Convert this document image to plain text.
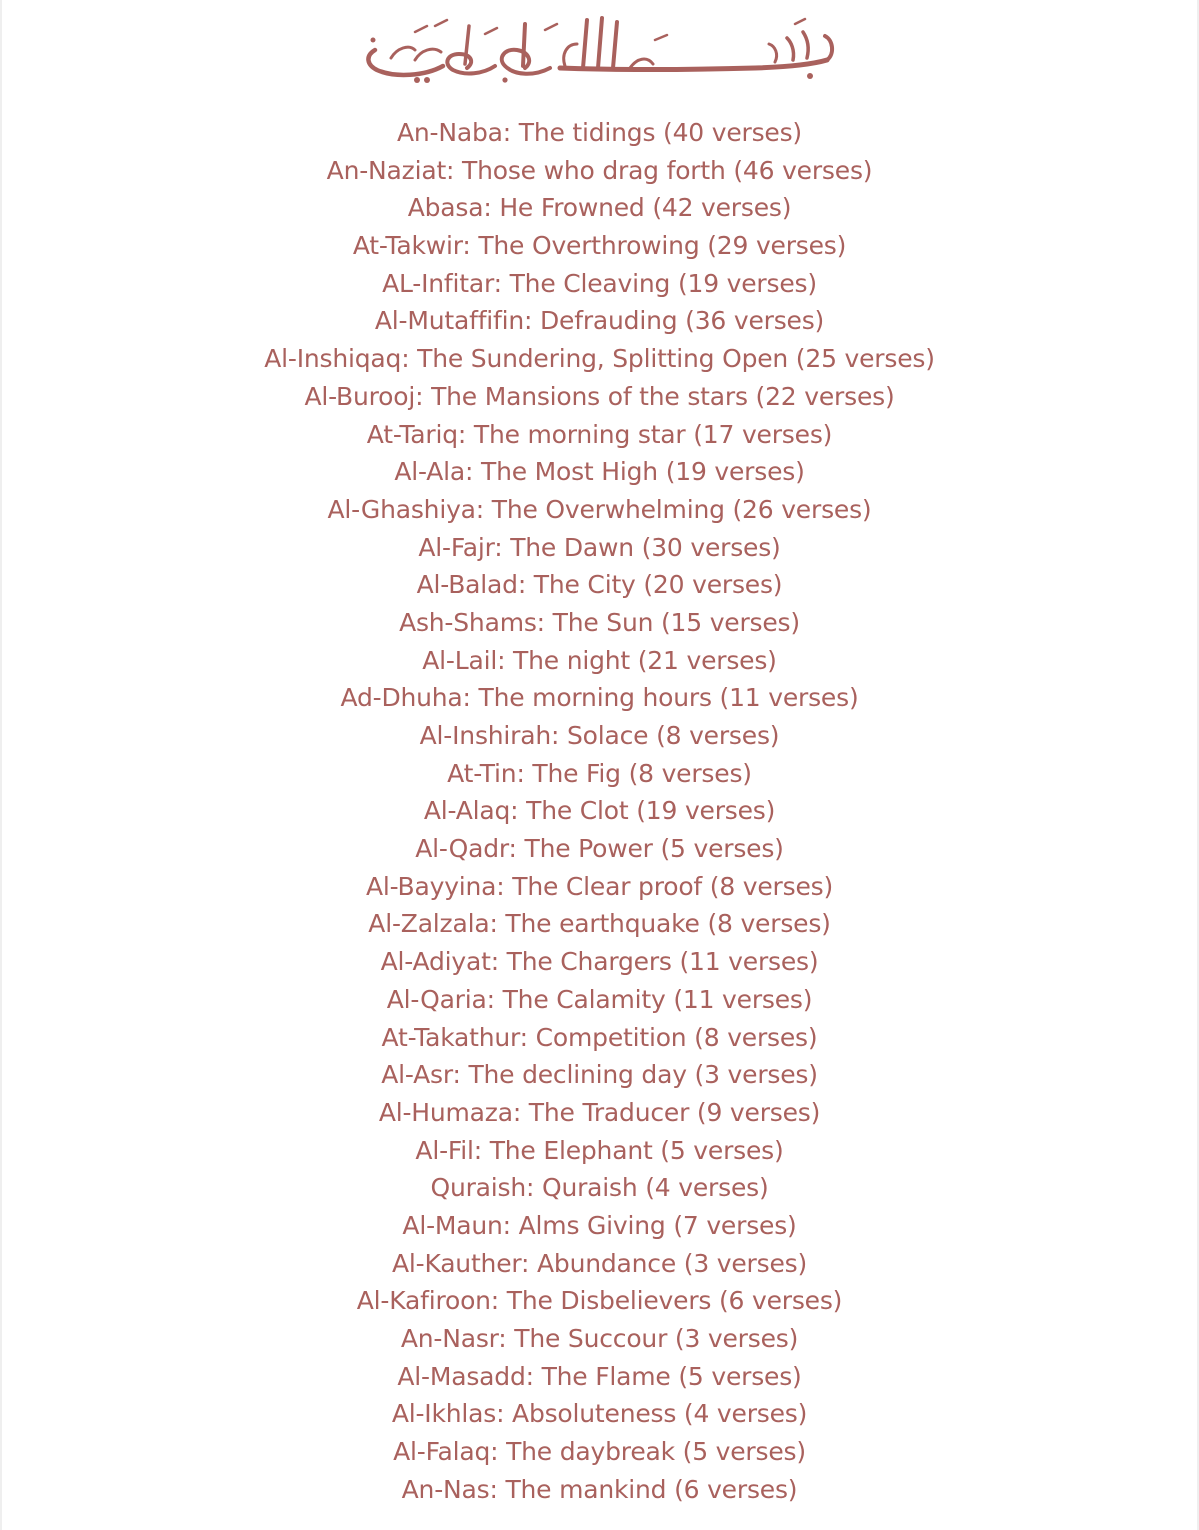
An-Naba: The tidings (40 verses)
An-Naziat: Those who drag forth (46 verses)
Abasa: He Frowned (42 verses)
At-Takwir: The Overthrowing (29 verses)
AL-Infitar: The Cleaving (19 verses)
Al-Mutaffifin: Defrauding (36 verses)
Al-Inshiqaq: The Sundering, Splitting Open (25 verses)
Al-Burooj: The Mansions of the stars (22 verses)
At-Tariq: The morning star (17 verses)
Al-Ala: The Most High (19 verses)
Al-Ghashiya: The Overwhelming (26 verses)
Al-Fajr: The Dawn (30 verses)
Al-Balad: The City (20 verses)
Ash-Shams: The Sun (15 verses)
Al-Lail: The night (21 verses)
Ad-Dhuha: The morning hours (11 verses)
Al-Inshirah: Solace (8 verses)
At-Tin: The Fig (8 verses)
Al-Alaq: The Clot (19 verses)
Al-Qadr: The Power (5 verses)
Al-Bayyina: The Clear proof (8 verses)
Al-Zalzala: The earthquake (8 verses)
Al-Adiyat: The Chargers (11 verses)
Al-Qaria: The Calamity (11 verses)
At-Takathur: Competition (8 verses)
Al-Asr: The declining day (3 verses)
Al-Humaza: The Traducer (9 verses)
Al-Fil: The Elephant (5 verses)
Quraish: Quraish (4 verses)
Al-Maun: Alms Giving (7 verses)
Al-Kauther: Abundance (3 verses)
Al-Kafiroon: The Disbelievers (6 verses)
An-Nasr: The Succour (3 verses)
Al-Masadd: The Flame (5 verses)
Al-Ikhlas: Absoluteness (4 verses)
Al-Falaq: The daybreak (5 verses)
An-Nas: The mankind (6 verses)
